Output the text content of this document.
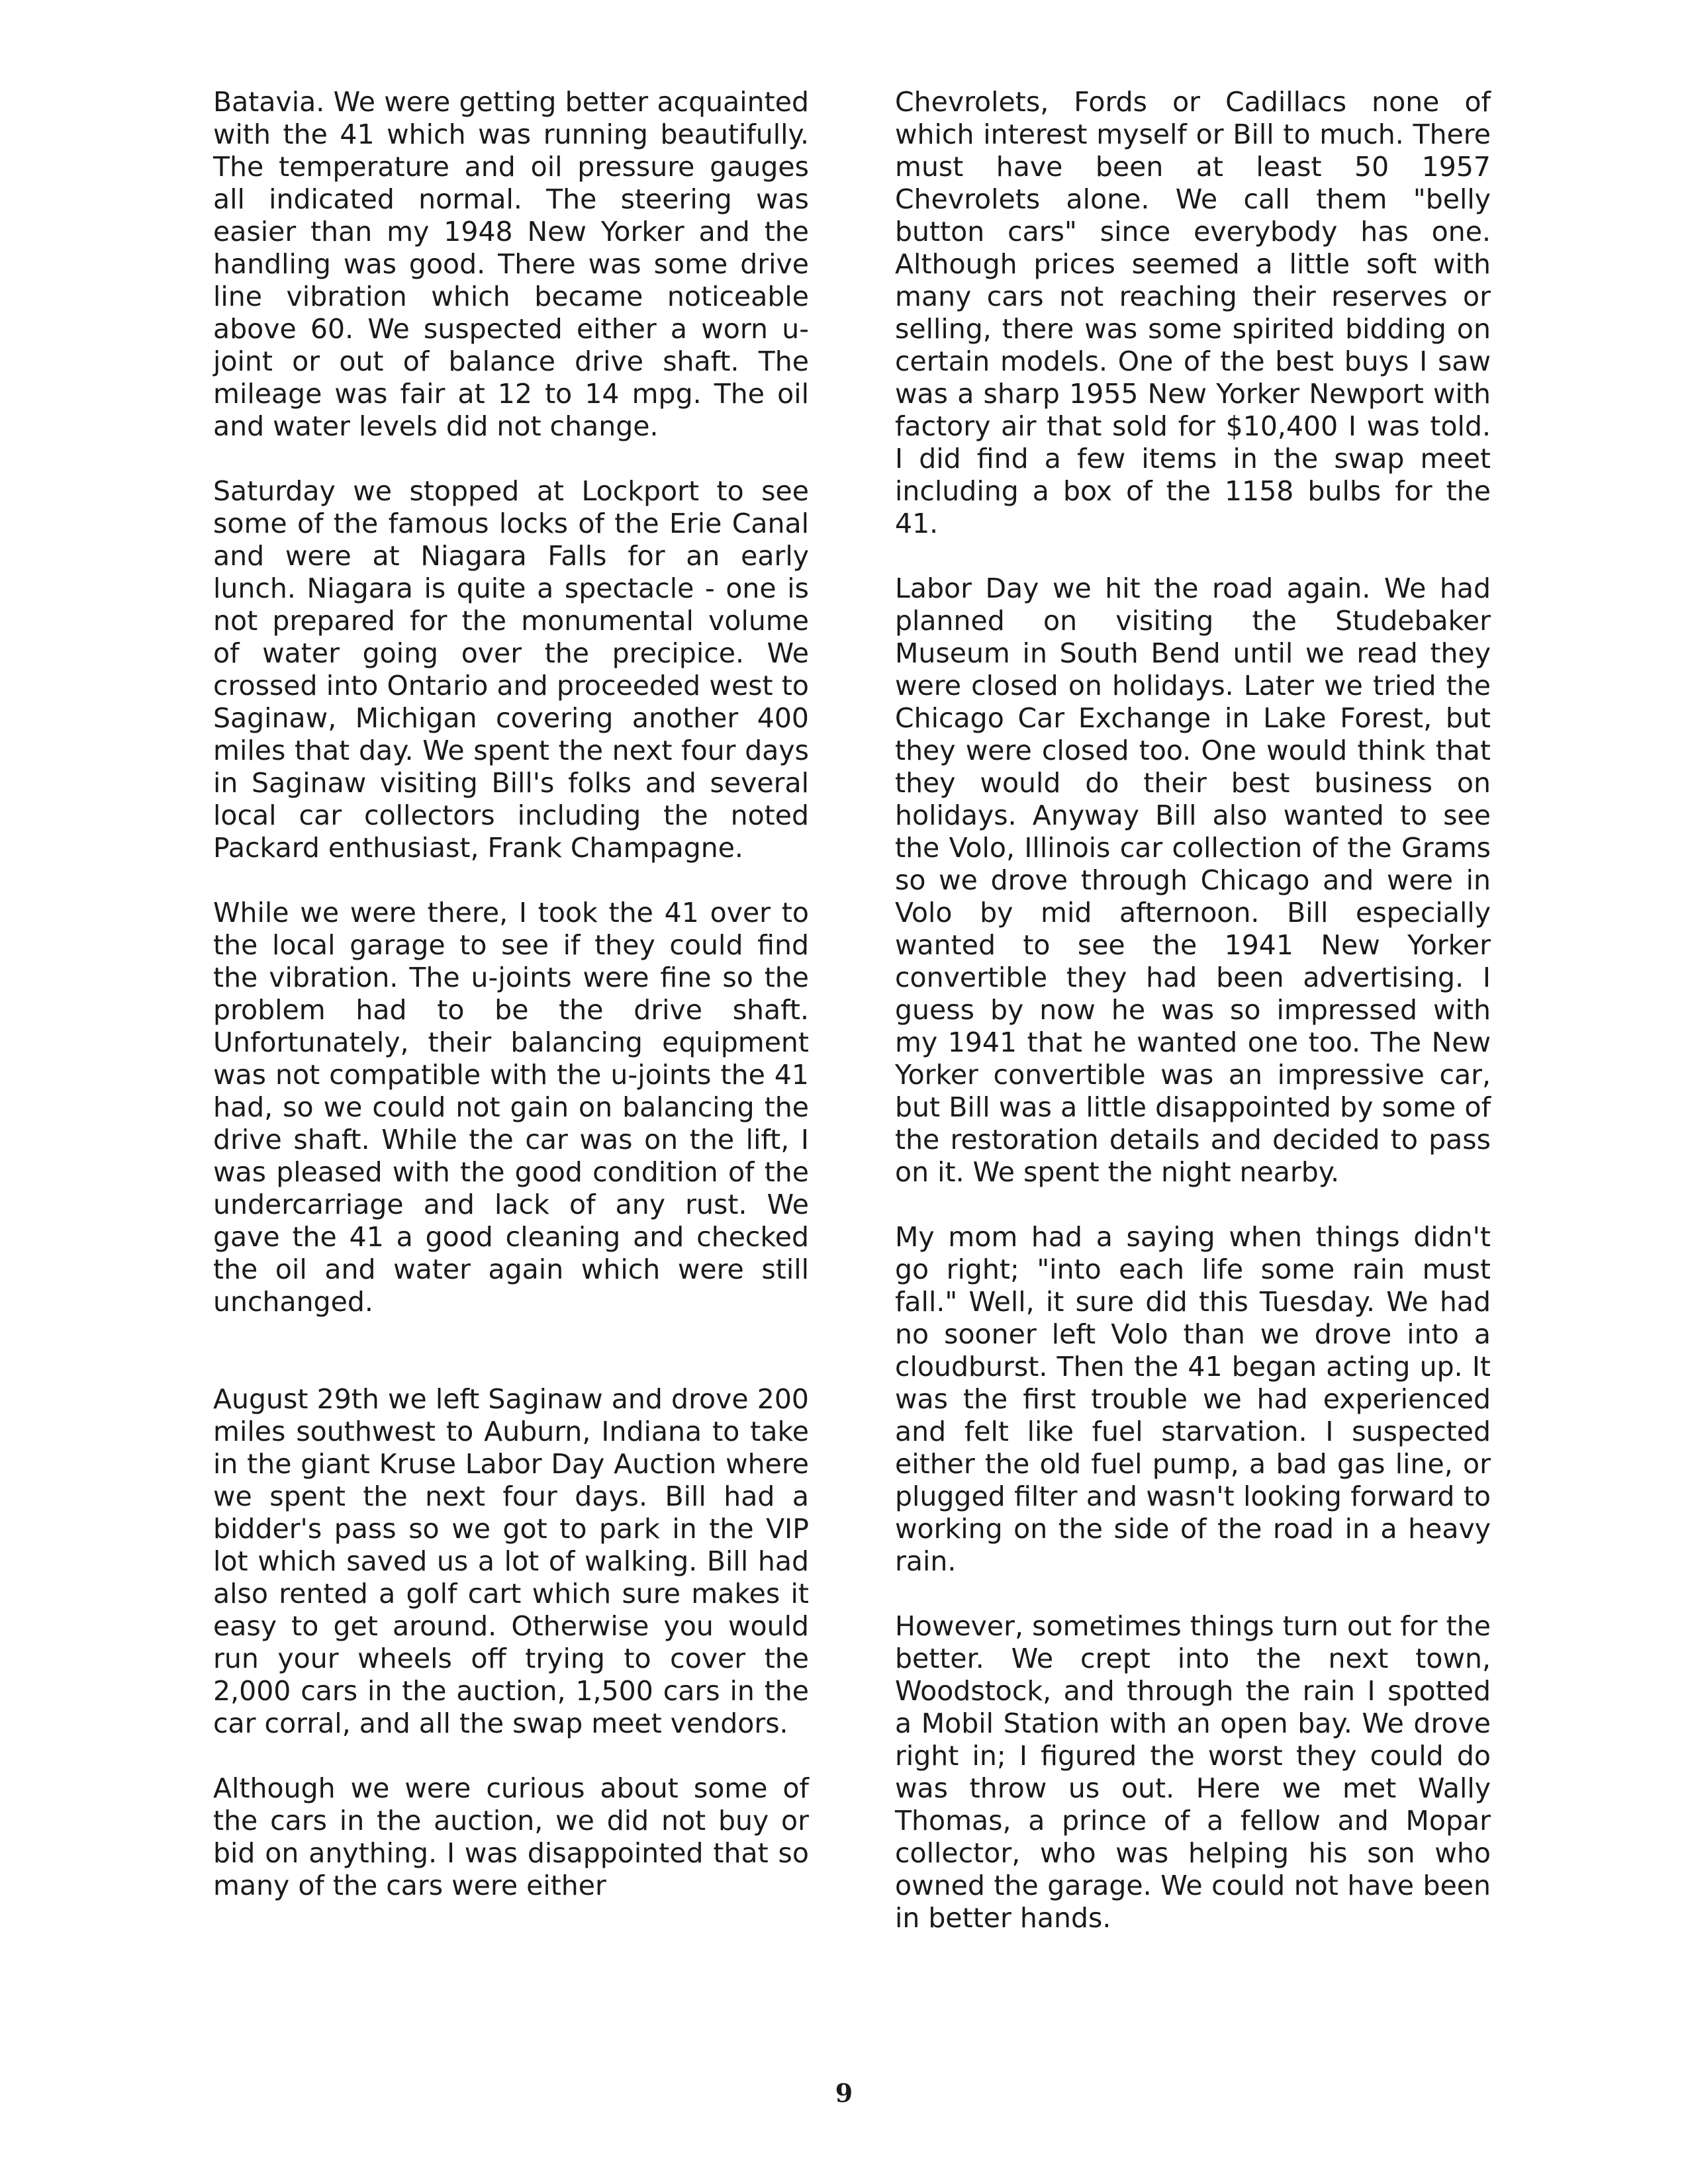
Batavia. We were getting better acquainted with the 41 which was running beautifully. The temperature and oil pressure gauges all indicated normal. The steering was easier than my 1948 New Yorker and the handling was good. There was some drive line vibration which became noticeable above 60. We suspected either a worn u-joint or out of balance drive shaft. The mileage was fair at 12 to 14 mpg. The oil and water levels did not change.

Saturday we stopped at Lockport to see some of the famous locks of the Erie Canal and were at Niagara Falls for an early lunch. Niagara is quite a spectacle - one is not prepared for the monumental volume of water going over the precipice. We crossed into Ontario and proceeded west to Saginaw, Michigan covering another 400 miles that day. We spent the next four days in Saginaw visiting Bill's folks and several local car collectors including the noted Packard enthusiast, Frank Champagne.

While we were there, I took the 41 over to the local garage to see if they could find the vibration. The u-joints were fine so the problem had to be the drive shaft. Unfortunately, their balancing equipment was not compatible with the u-joints the 41 had, so we could not gain on balancing the drive shaft. While the car was on the lift, I was pleased with the good condition of the undercarriage and lack of any rust. We gave the 41 a good cleaning and checked the oil and water again which were still unchanged.

August 29th we left Saginaw and drove 200 miles southwest to Auburn, Indiana to take in the giant Kruse Labor Day Auction where we spent the next four days. Bill had a bidder's pass so we got to park in the VIP lot which saved us a lot of walking. Bill had also rented a golf cart which sure makes it easy to get around. Otherwise you would run your wheels off trying to cover the 2,000 cars in the auction, 1,500 cars in the car corral, and all the swap meet vendors.

Although we were curious about some of the cars in the auction, we did not buy or bid on anything. I was disappointed that so many of the cars were either

Chevrolets, Fords or Cadillacs none of which interest myself or Bill to much. There must have been at least 50 1957 Chevrolets alone. We call them "belly button cars" since everybody has one. Although prices seemed a little soft with many cars not reaching their reserves or selling, there was some spirited bidding on certain models. One of the best buys I saw was a sharp 1955 New Yorker Newport with factory air that sold for $10,400 I was told. I did find a few items in the swap meet including a box of the 1158 bulbs for the 41.

Labor Day we hit the road again. We had planned on visiting the Studebaker Museum in South Bend until we read they were closed on holidays. Later we tried the Chicago Car Exchange in Lake Forest, but they were closed too. One would think that they would do their best business on holidays. Anyway Bill also wanted to see the Volo, Illinois car collection of the Grams so we drove through Chicago and were in Volo by mid afternoon. Bill especially wanted to see the 1941 New Yorker convertible they had been advertising. I guess by now he was so impressed with my 1941 that he wanted one too. The New Yorker convertible was an impressive car, but Bill was a little disappointed by some of the restoration details and decided to pass on it. We spent the night nearby.

My mom had a saying when things didn't go right; "into each life some rain must fall." Well, it sure did this Tuesday. We had no sooner left Volo than we drove into a cloudburst. Then the 41 began acting up. It was the first trouble we had experienced and felt like fuel starvation. I suspected either the old fuel pump, a bad gas line, or plugged filter and wasn't looking forward to working on the side of the road in a heavy rain.

However, sometimes things turn out for the better. We crept into the next town, Woodstock, and through the rain I spotted a Mobil Station with an open bay. We drove right in; I figured the worst they could do was throw us out. Here we met Wally Thomas, a prince of a fellow and Mopar collector, who was helping his son who owned the garage. We could not have been in better hands.

9
